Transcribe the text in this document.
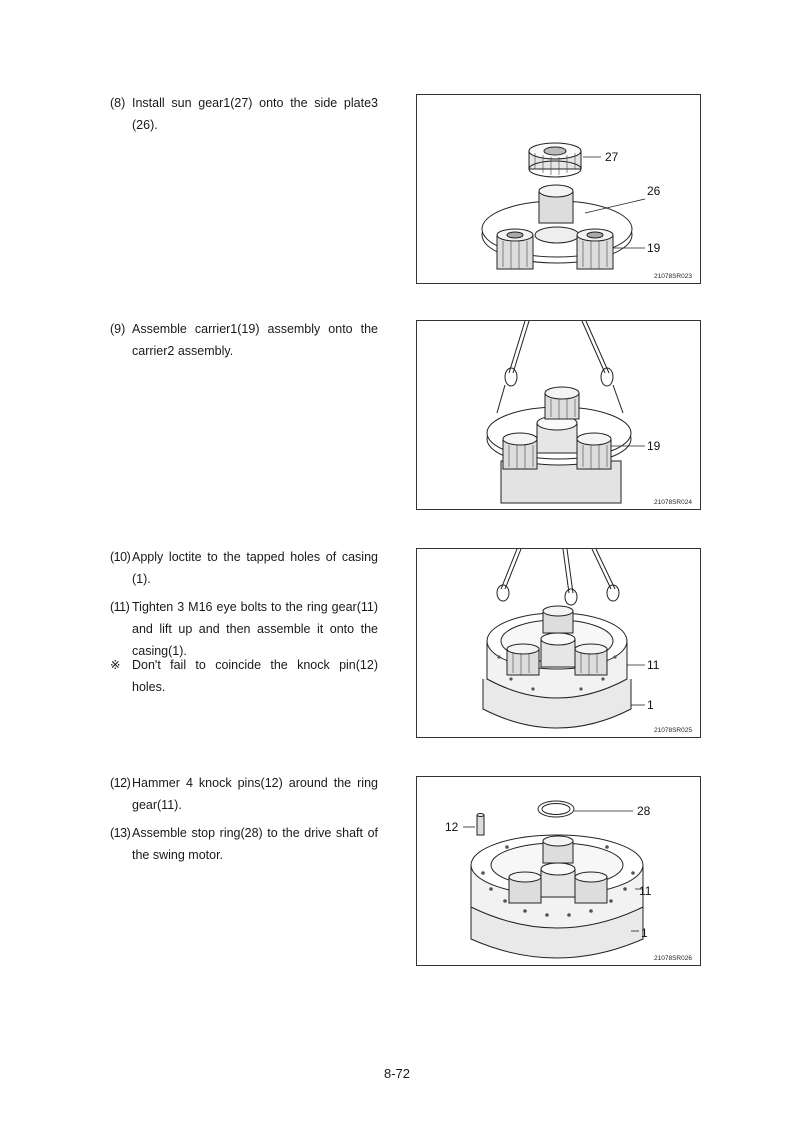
(8) Install sun gear1(27) onto the side plate3 (26).
(9) Assemble carrier1(19) assembly onto the carrier2 assembly.
(10) Apply loctite to the tapped holes of casing (1).
(11) Tighten 3 M16 eye bolts to the ring gear(11) and lift up and then assemble it onto the casing(1).
※ Don't fail to coincide the knock pin(12) holes.
(12) Hammer 4 knock pins(12) around the ring gear(11).
(13) Assemble stop ring(28) to the drive shaft of the swing motor.
27
26
19
21078SR023
19
21078SR024
11
1
21078SR025
28
12
11
1
21078SR026
8-72
